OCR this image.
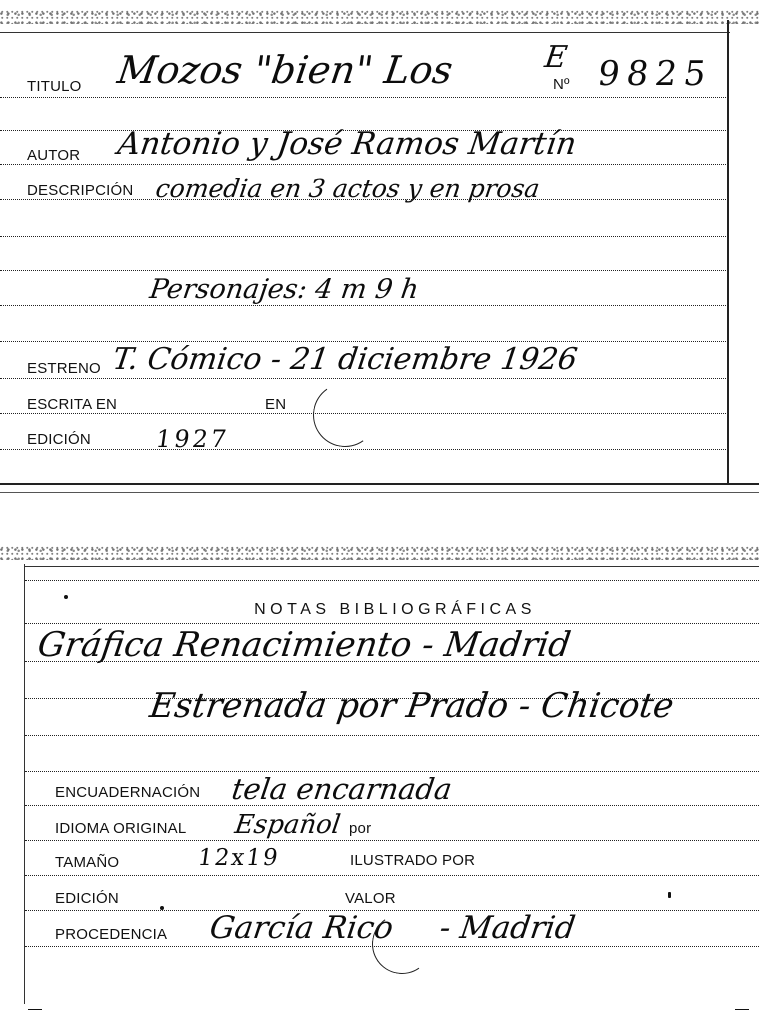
TITULO Mozos "bien" Los	E
Nº 9825
AUTOR Antonio y José Ramos Martín
DESCRIPCIÓN comedia en 3 actos y en prosa
Personajes: 4 m 9 h
ESTRENO T. Cómico - 21 diciembre 1926
ESCRITA EN	EN
EDICIÓN	1927
NOTAS BIBLIOGRÁFICAS
Gráfica Renacimiento - Madrid
Estrenada por Prado - Chicote
ENCUADERNACIÓN tela encarnada
IDIOMA ORIGINAL Español por
TAMAÑO	12x19	ILUSTRADO POR
EDICIÓN	VALOR
PROCEDENCIA García Rico - Madrid
